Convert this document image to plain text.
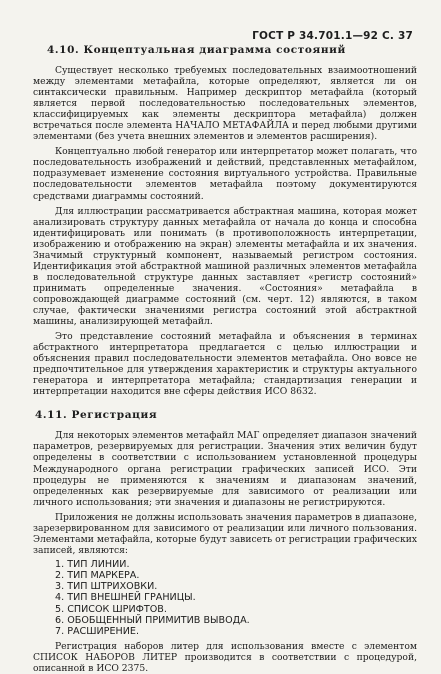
ГОСТ Р 34.701.1—92 С. 37
4.10. Концептуальная диаграмма состояний

Существует несколько требуемых последовательных взаимоотношений между элементами метафайла, которые определяют, является ли он синтаксически правильным. Например дескриптор метафайла (который является первой последовательностью последовательных элементов, классифицируемых как элементы дескриптора метафайла) должен встречаться после элемента НАЧАЛО МЕТАФАЙЛА и перед любыми другими элементами (без учета внешних элементов и элементов расширения).

Концептуально любой генератор или интерпретатор может полагать, что последовательность изображений и действий, представленных метафайлом, подразумевает изменение состояния виртуального устройства. Правильные последовательности элементов метафайла поэтому документируются средствами диаграммы состояний.

Для иллюстрации рассматривается абстрактная машина, которая может анализировать структуру данных метафайла от начала до конца и способна идентифицировать или понимать (в противоположность интерпретации, изображению и отображению на экран) элементы метафайла и их значения. Значимый структурный компонент, называемый регистром состояния. Идентификация этой абстрактной машиной различных элементов метафайла в последовательной структуре данных заставляет «регистр состояний» принимать определенные значения. «Состояния» метафайла в сопровождающей диаграмме состояний (см. черт. 12) являются, в таком случае, фактически значениями регистра состояний этой абстрактной машины, анализирующей метафайл.

Это представление состояний метафайла и объяснения в терминах абстрактного интерпретатора предлагается с целью иллюстрации и объяснения правил последовательности элементов метафайла. Оно вовсе не предпочтительное для утверждения характеристик и структуры актуального генератора и интерпретатора метафайла; стандартизация генерации и интерпретации находится вне сферы действия ИСО 8632.

4.11. Регистрация

Для некоторых элементов метафайл МАГ определяет диапазон значений параметров, резервируемых для регистрации. Значения этих величин будут определены в соответствии с использованием установленной процедуры Международного органа регистрации графических записей ИСО. Эти процедуры не применяются к значениям и диапазонам значений, определенных как резервируемые для зависимого от реализации или личного использования; эти значения и диапазоны не регистрируются.

Приложения не должны использовать значения параметров в диапазоне, зарезервированном для зависимого от реализации или личного пользования. Элементами метафайла, которые будут зависеть от регистрации графических записей, являются:

1. ТИП ЛИНИИ.
2. ТИП МАРКЕРА.
3. ТИП ШТРИХОВКИ.
4. ТИП ВНЕШНЕЙ ГРАНИЦЫ.
5. СПИСОК ШРИФТОВ.
6. ОБОБЩЕННЫЙ ПРИМИТИВ ВЫВОДА.
7. РАСШИРЕНИЕ.

Регистрация наборов литер для использования вместе с элементом СПИСОК НАБОРОВ ЛИТЕР производится в соответствии с процедурой, описанной в ИСО 2375.
